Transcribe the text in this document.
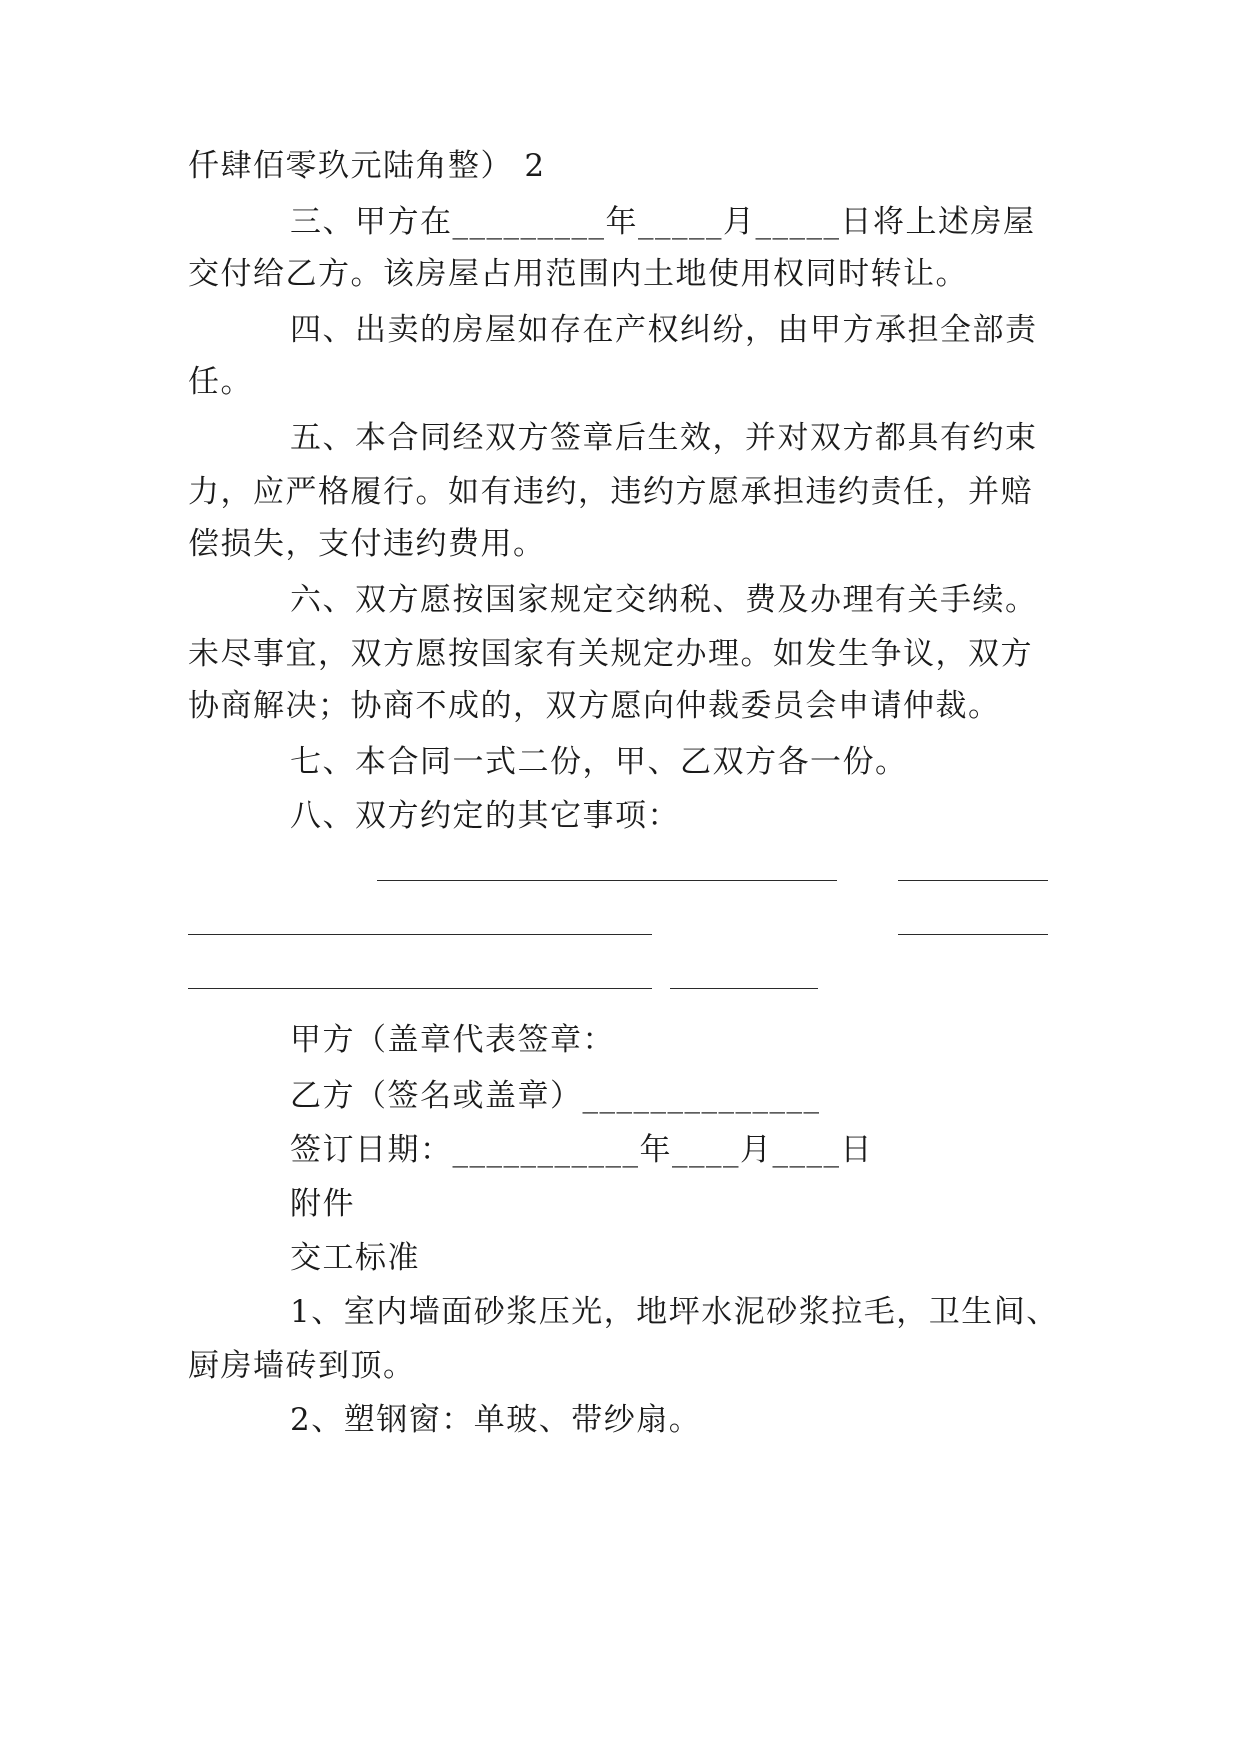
仟肆佰零玖元陆角整） 2
三、甲方在_________年_____月_____日将上述房屋
交付给乙方。该房屋占用范围内土地使用权同时转让。
四、出卖的房屋如存在产权纠纷，由甲方承担全部责
任。
五、本合同经双方签章后生效，并对双方都具有约束
力，应严格履行。如有违约，违约方愿承担违约责任，并赔
偿损失，支付违约费用。
六、双方愿按国家规定交纳税、费及办理有关手续。
未尽事宜，双方愿按国家有关规定办理。如发生争议，双方
协商解决；协商不成的，双方愿向仲裁委员会申请仲裁。
七、本合同一式二份，甲、乙双方各一份。
八、双方约定的其它事项：
甲方（盖章代表签章：
乙方（签名或盖章）______________
签订日期：___________年____月____日
附件
交工标准
1、室内墙面砂浆压光，地坪水泥砂浆拉毛，卫生间、
厨房墙砖到顶。
2、塑钢窗：单玻、带纱扇。
